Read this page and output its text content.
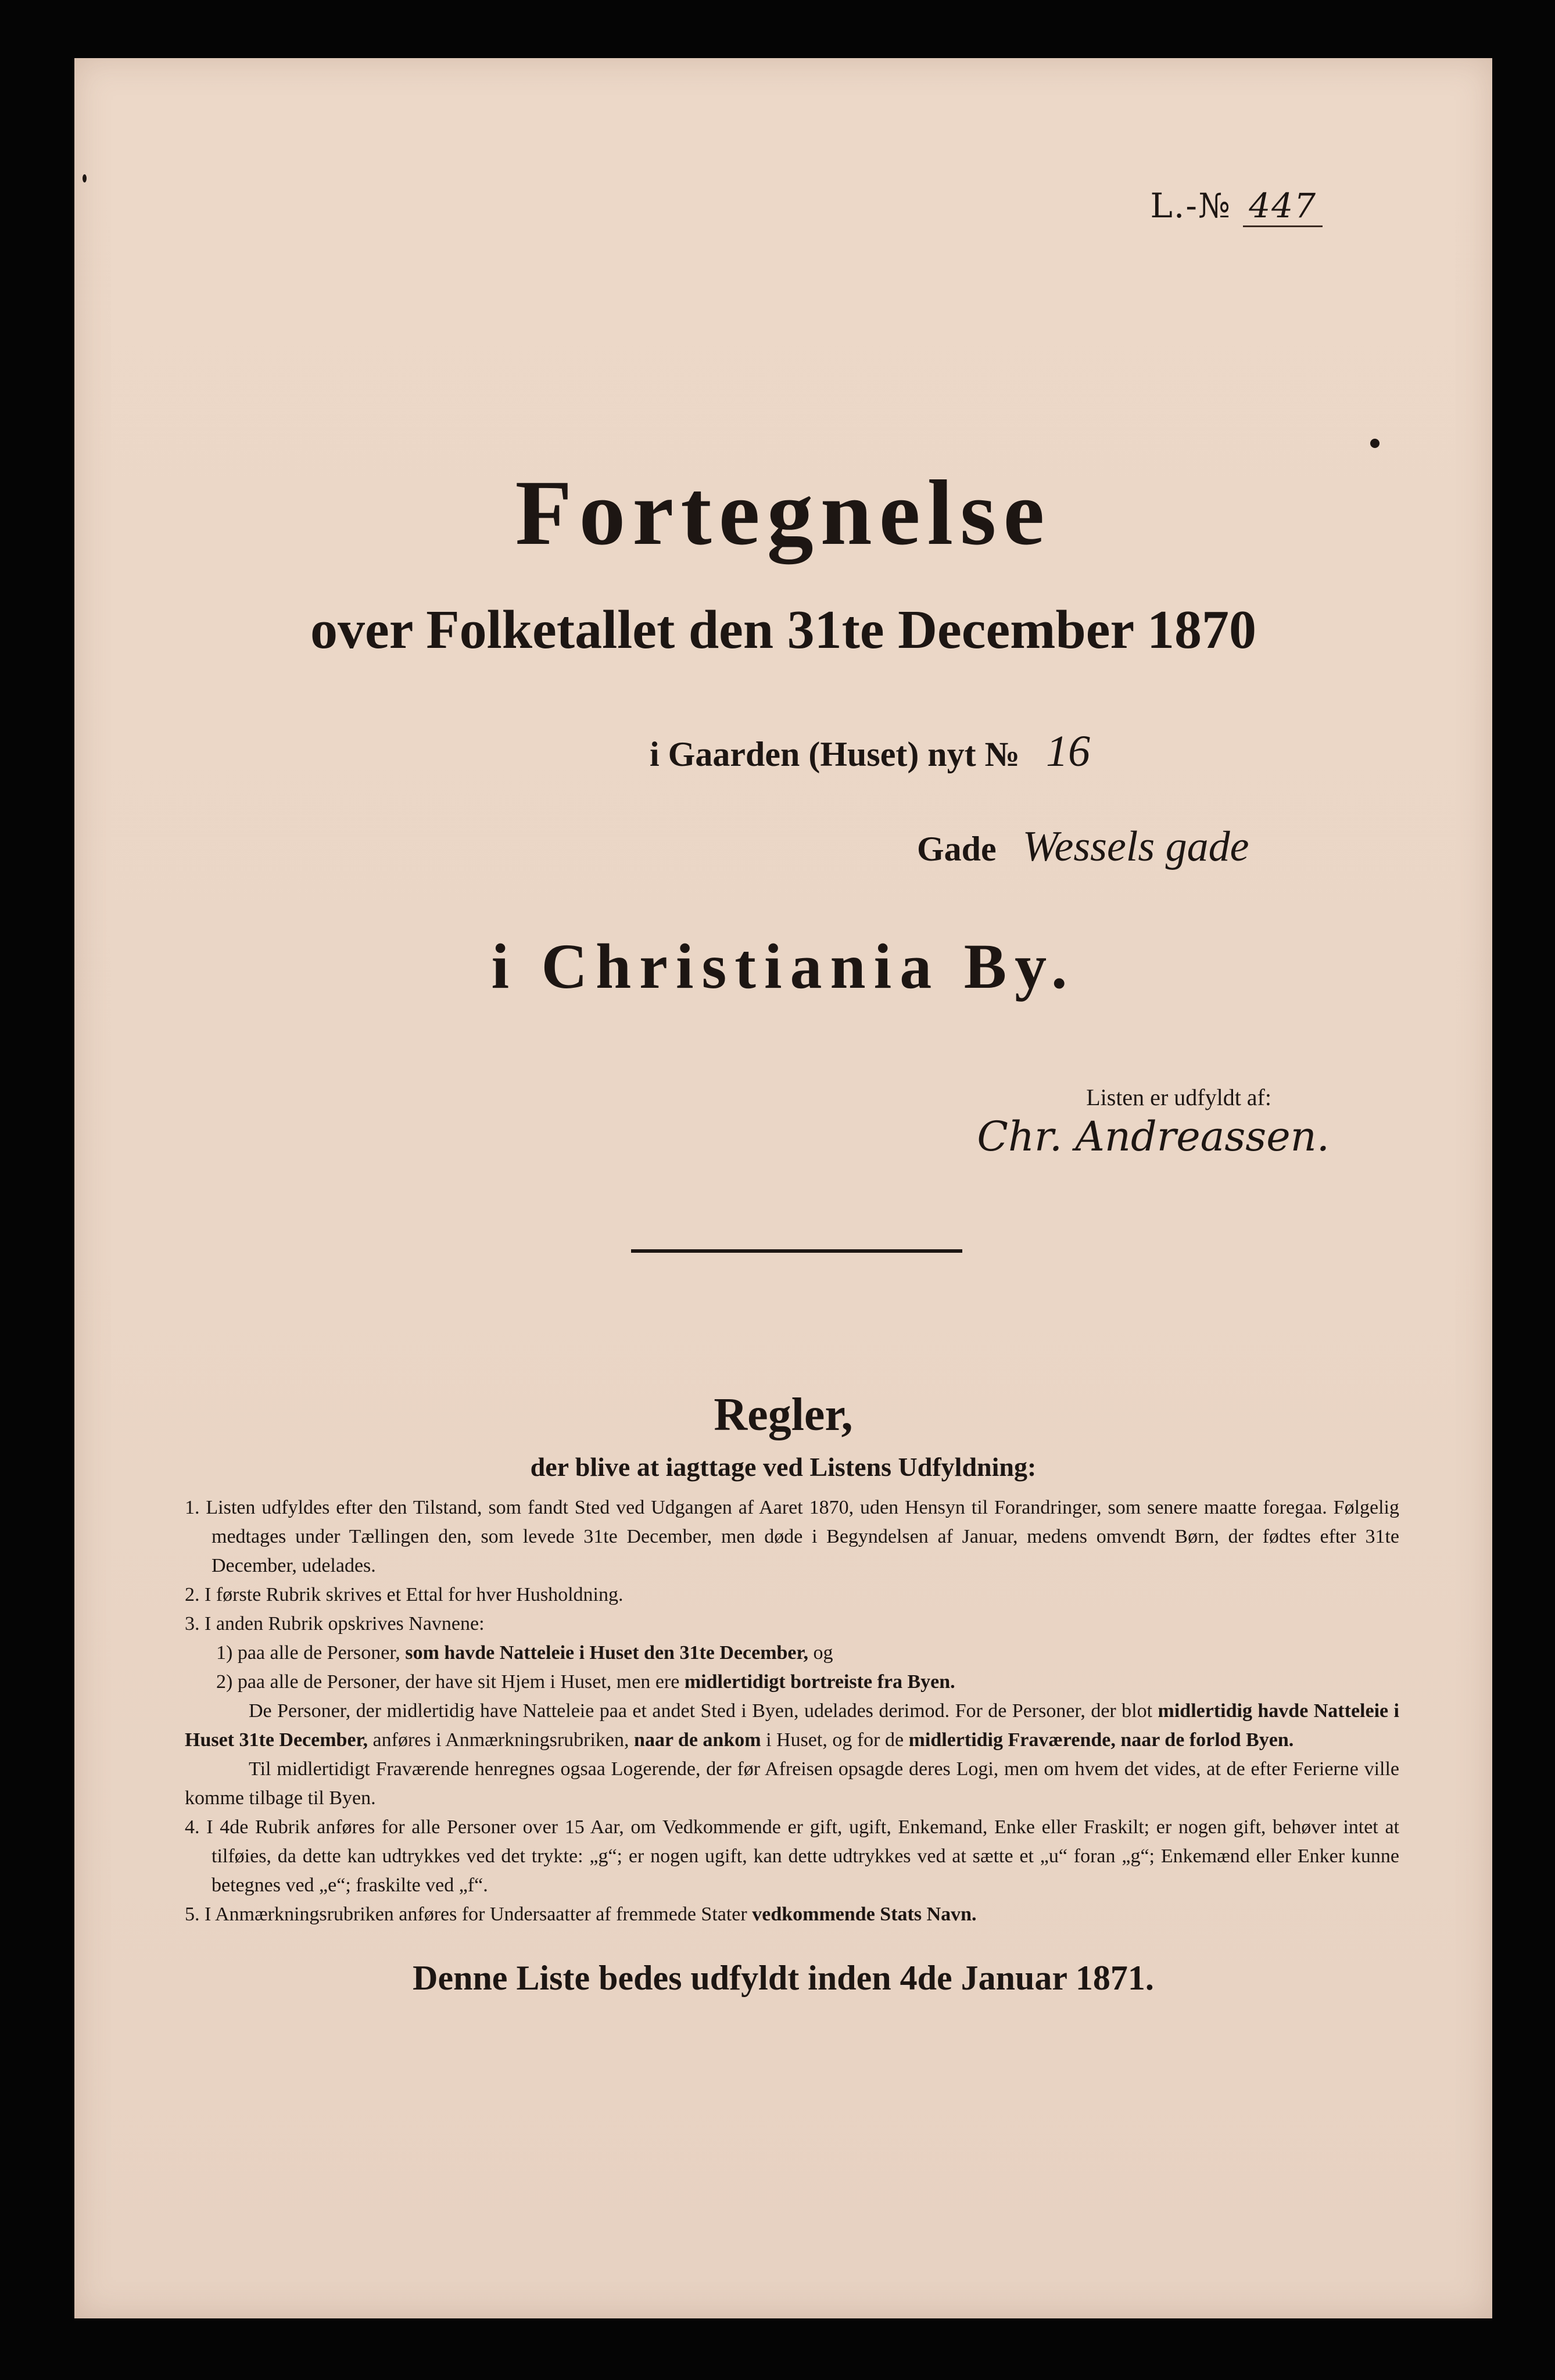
L.-№ 447
Fortegnelse
over Folketallet den 31te December 1870
i Gaarden (Huset) nyt № 16
Gade Wessels gade
i Christiania By.
Listen er udfyldt af:
Chr. Andreassen.
Regler,
der blive at iagttage ved Listens Udfyldning:

1. Listen udfyldes efter den Tilstand, som fandt Sted ved Udgangen af Aaret 1870, uden Hensyn til Forandringer, som senere maatte foregaa. Følgelig medtages under Tællingen den, som levede 31te December, men døde i Begyndelsen af Januar, medens omvendt Børn, der fødtes efter 31te December, udelades.

2. I første Rubrik skrives et Ettal for hver Husholdning.

3. I anden Rubrik opskrives Navnene:

1) paa alle de Personer, som havde Natteleie i Huset den 31te December, og

2) paa alle de Personer, der have sit Hjem i Huset, men ere midlertidigt bortreiste fra Byen.

De Personer, der midlertidig have Natteleie paa et andet Sted i Byen, udelades derimod. For de Personer, der blot midlertidig havde Natteleie i Huset 31te December, anføres i Anmærkningsrubriken, naar de ankom i Huset, og for de midlertidig Fraværende, naar de forlod Byen.

Til midlertidigt Fraværende henregnes ogsaa Logerende, der før Afreisen opsagde deres Logi, men om hvem det vides, at de efter Ferierne ville komme tilbage til Byen.

4. I 4de Rubrik anføres for alle Personer over 15 Aar, om Vedkommende er gift, ugift, Enkemand, Enke eller Fraskilt; er nogen gift, behøver intet at tilføies, da dette kan udtrykkes ved det trykte: „g“; er nogen ugift, kan dette udtrykkes ved at sætte et „u“ foran „g“; Enkemænd eller Enker kunne betegnes ved „e“; fraskilte ved „f“.

5. I Anmærkningsrubriken anføres for Undersaatter af fremmede Stater vedkommende Stats Navn.

Denne Liste bedes udfyldt inden 4de Januar 1871.
